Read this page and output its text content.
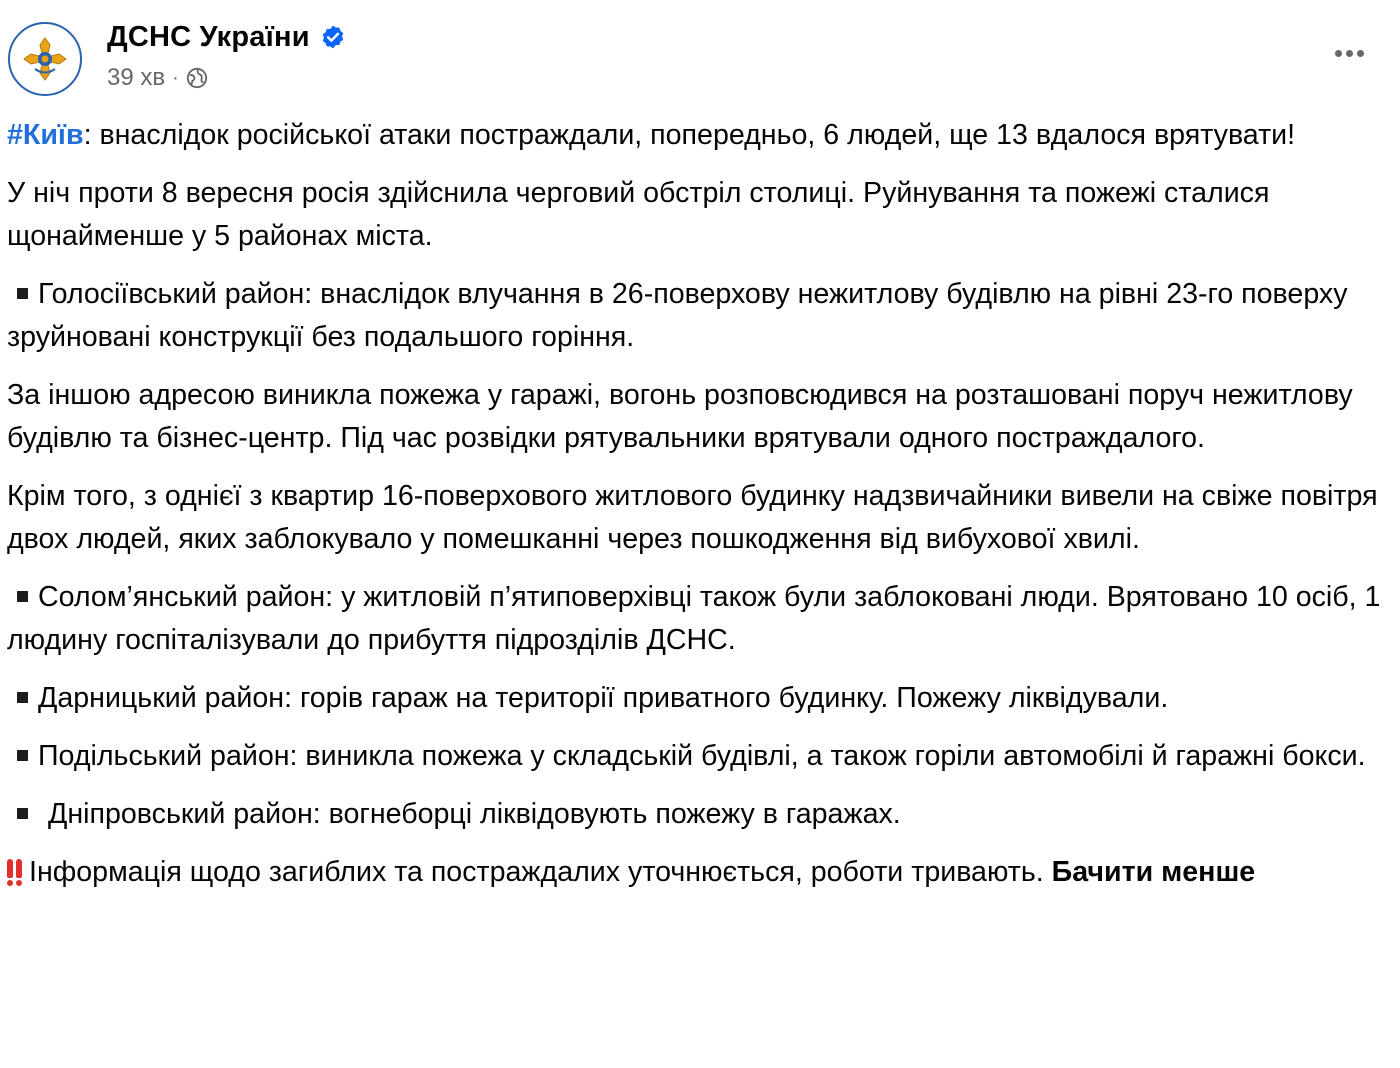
ДСНС України
39 хв ·

#Київ: внаслідок російської атаки постраждали, попередньо, 6 людей, ще 13 вдалося врятувати!

У ніч проти 8 вересня росія здійснила черговий обстріл столиці. Руйнування та пожежі сталися щонайменше у 5 районах міста.

Голосіївський район: внаслідок влучання в 26-поверхову нежитлову будівлю на рівні 23-го поверху зруйновані конструкції без подальшого горіння.

За іншою адресою виникла пожежа у гаражі, вогонь розповсюдився на розташовані поруч нежитлову будівлю та бізнес-центр. Під час розвідки рятувальники врятували одного постраждалого.

Крім того, з однієї з квартир 16-поверхового житлового будинку надзвичайники вивели на свіже повітря двох людей, яких заблокувало у помешканні через пошкодження від вибухової хвилі.

Солом’янський район: у житловій п’ятиповерхівці також були заблоковані люди. Врятовано 10 осіб, 1 людину госпіталізували до прибуття підрозділів ДСНС.

Дарницький район: горів гараж на території приватного будинку. Пожежу ліквідували.

Подільський район: виникла пожежа у складській будівлі, а також горіли автомобілі й гаражні бокси.

Дніпровський район: вогнеборці ліквідовують пожежу в гаражах.

Інформація щодо загиблих та постраждалих уточнюється, роботи тривають. Бачити менше
